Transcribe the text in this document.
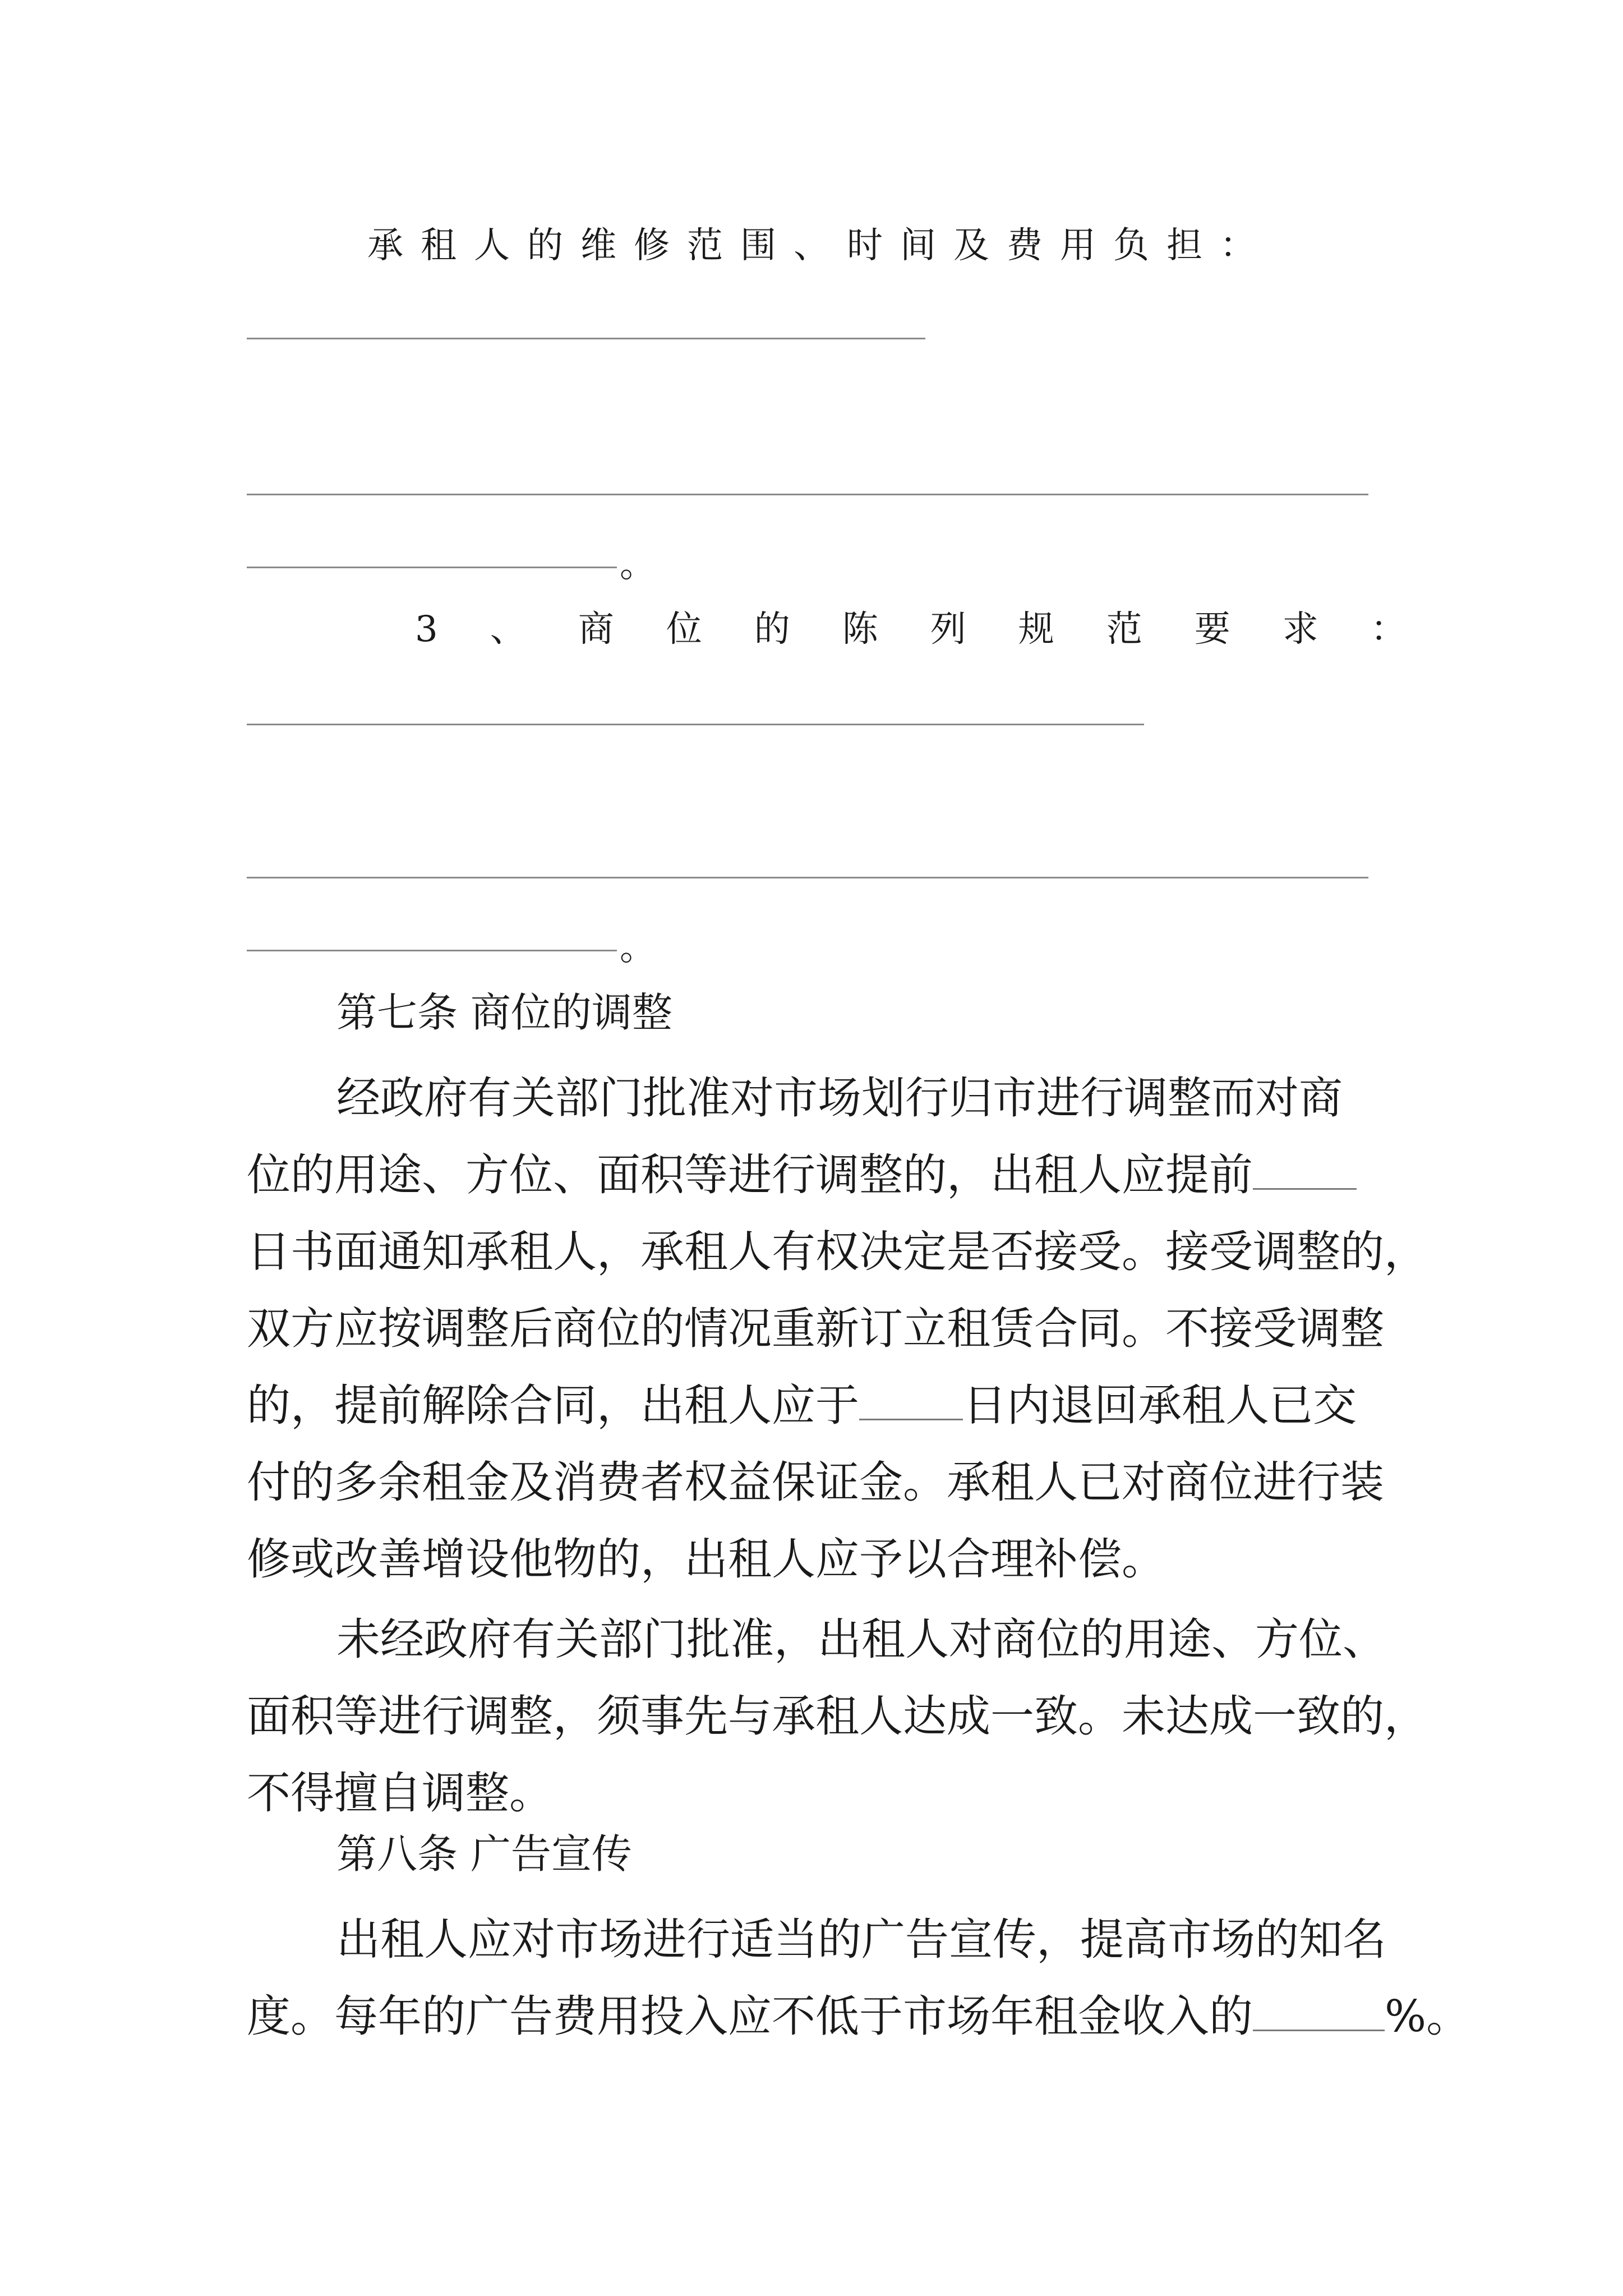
承租人的维修范围、时间及费用负担：
。
3、商位的陈列规范要求：
。
第七条 商位的调整
经政府有关部门批准对市场划行归市进行调整而对商
位的用途、方位、面积等进行调整的，出租人应提前
日书面通知承租人，承租人有权决定是否接受。接受调整的，
双方应按调整后商位的情况重新订立租赁合同。不接受调整
的，提前解除合同，出租人应于 日内退回承租人已交
付的多余租金及消费者权益保证金。承租人已对商位进行装
修或改善增设他物的，出租人应予以合理补偿。
未经政府有关部门批准，出租人对商位的用途、方位、
面积等进行调整，须事先与承租人达成一致。未达成一致的，
不得擅自调整。
第八条 广告宣传
出租人应对市场进行适当的广告宣传，提高市场的知名
度。每年的广告费用投入应不低于市场年租金收入的	%。
